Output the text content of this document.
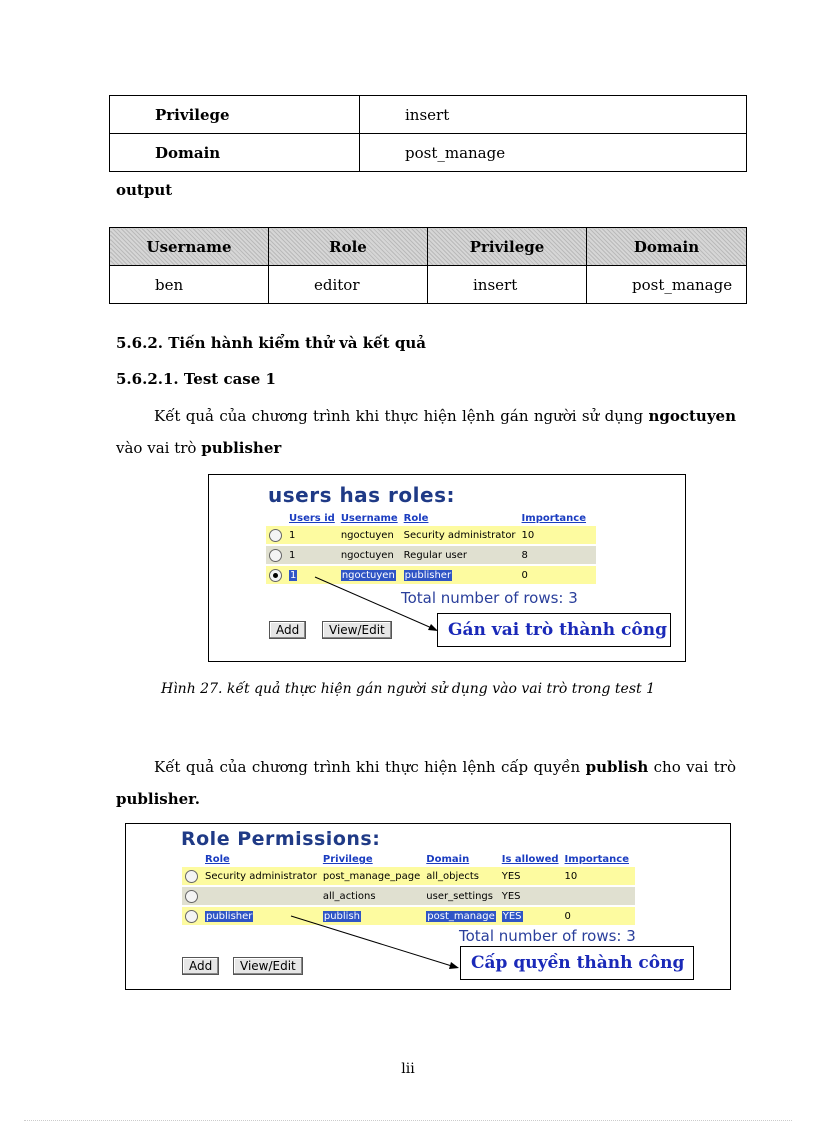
Privilege	insert
Domain	post_manage
output
Username	Role	Privilege	Domain
ben	editor	insert	post_manage
5.6.2. Tiến hành kiểm thử và kết quả
5.6.2.1. Test case 1
Kết quả của chương trình khi thực hiện lệnh gán người sử dụng ngoctuyen vào vai trò publisher
users has roles:
	Users id	Username	Role	Importance
	1	ngoctuyen	Security administrator	10
	1	ngoctuyen	Regular user	8
	1	ngoctuyen	publisher	0
Total number of rows: 3
Add	View/Edit	Gán vai trò thành công
Hình 27. kết quả thực hiện gán người sử dụng vào vai trò trong test 1
Kết quả của chương trình khi thực hiện lệnh cấp quyền publish cho vai trò publisher.
Role Permissions:
	Role	Privilege	Domain	Is allowed	Importance
	Security administrator	post_manage_page	all_objects	YES	10
		all_actions	user_settings	YES	
	publisher	publish	post_manage	YES	0
Total number of rows: 3
Add	View/Edit	Cấp quyền thành công
lii
